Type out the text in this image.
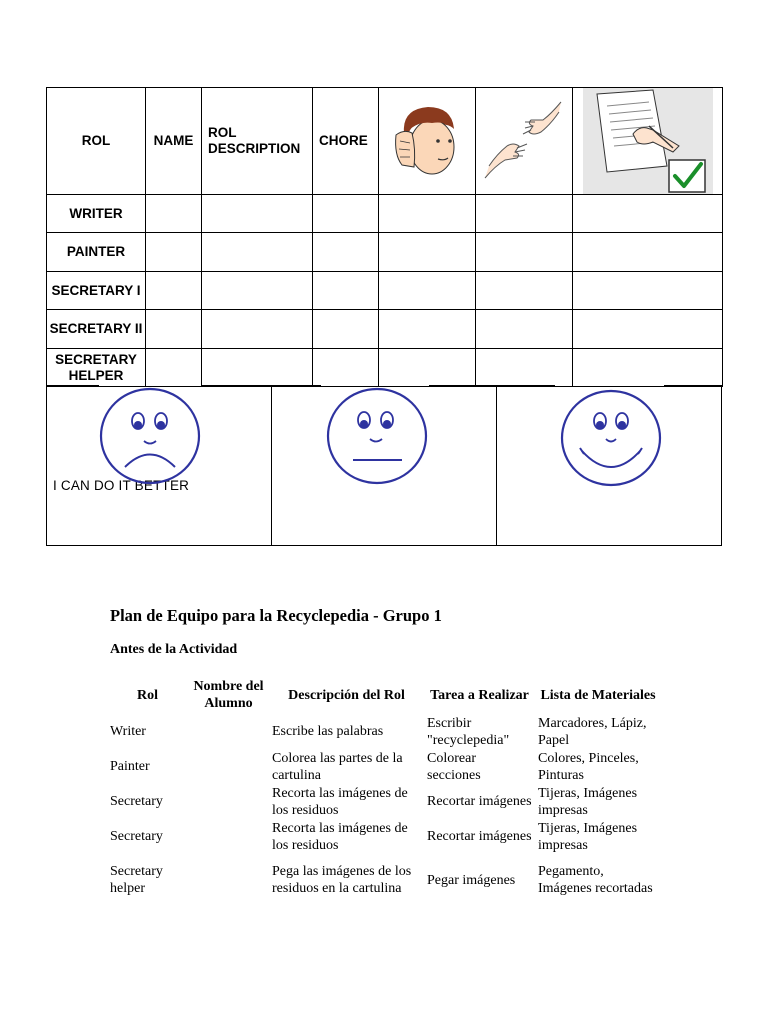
ROL	NAME	ROL DESCRIPTION	CHORE	

WRITER						
PAINTER						
SECRETARY I						
SECRETARY II						
SECRETARY HELPER						
I CAN DO IT BETTER
Plan de Equipo para la Recyclepedia - Grupo 1
Antes de la Actividad
Rol	Nombre del Alumno	Descripción del Rol	Tarea a Realizar	Lista de Materiales
Writer		Escribe las palabras	Escribir "recyclepedia"	Marcadores, Lápiz, Papel
Painter		Colorea las partes de la cartulina	Colorear secciones	Colores, Pinceles, Pinturas
Secretary		Recorta las imágenes de los residuos	Recortar imágenes	Tijeras, Imágenes impresas
Secretary		Recorta las imágenes de los residuos	Recortar imágenes	Tijeras, Imágenes impresas
Secretary helper		Pega las imágenes de los residuos en la cartulina	Pegar imágenes	Pegamento, Imágenes recortadas
